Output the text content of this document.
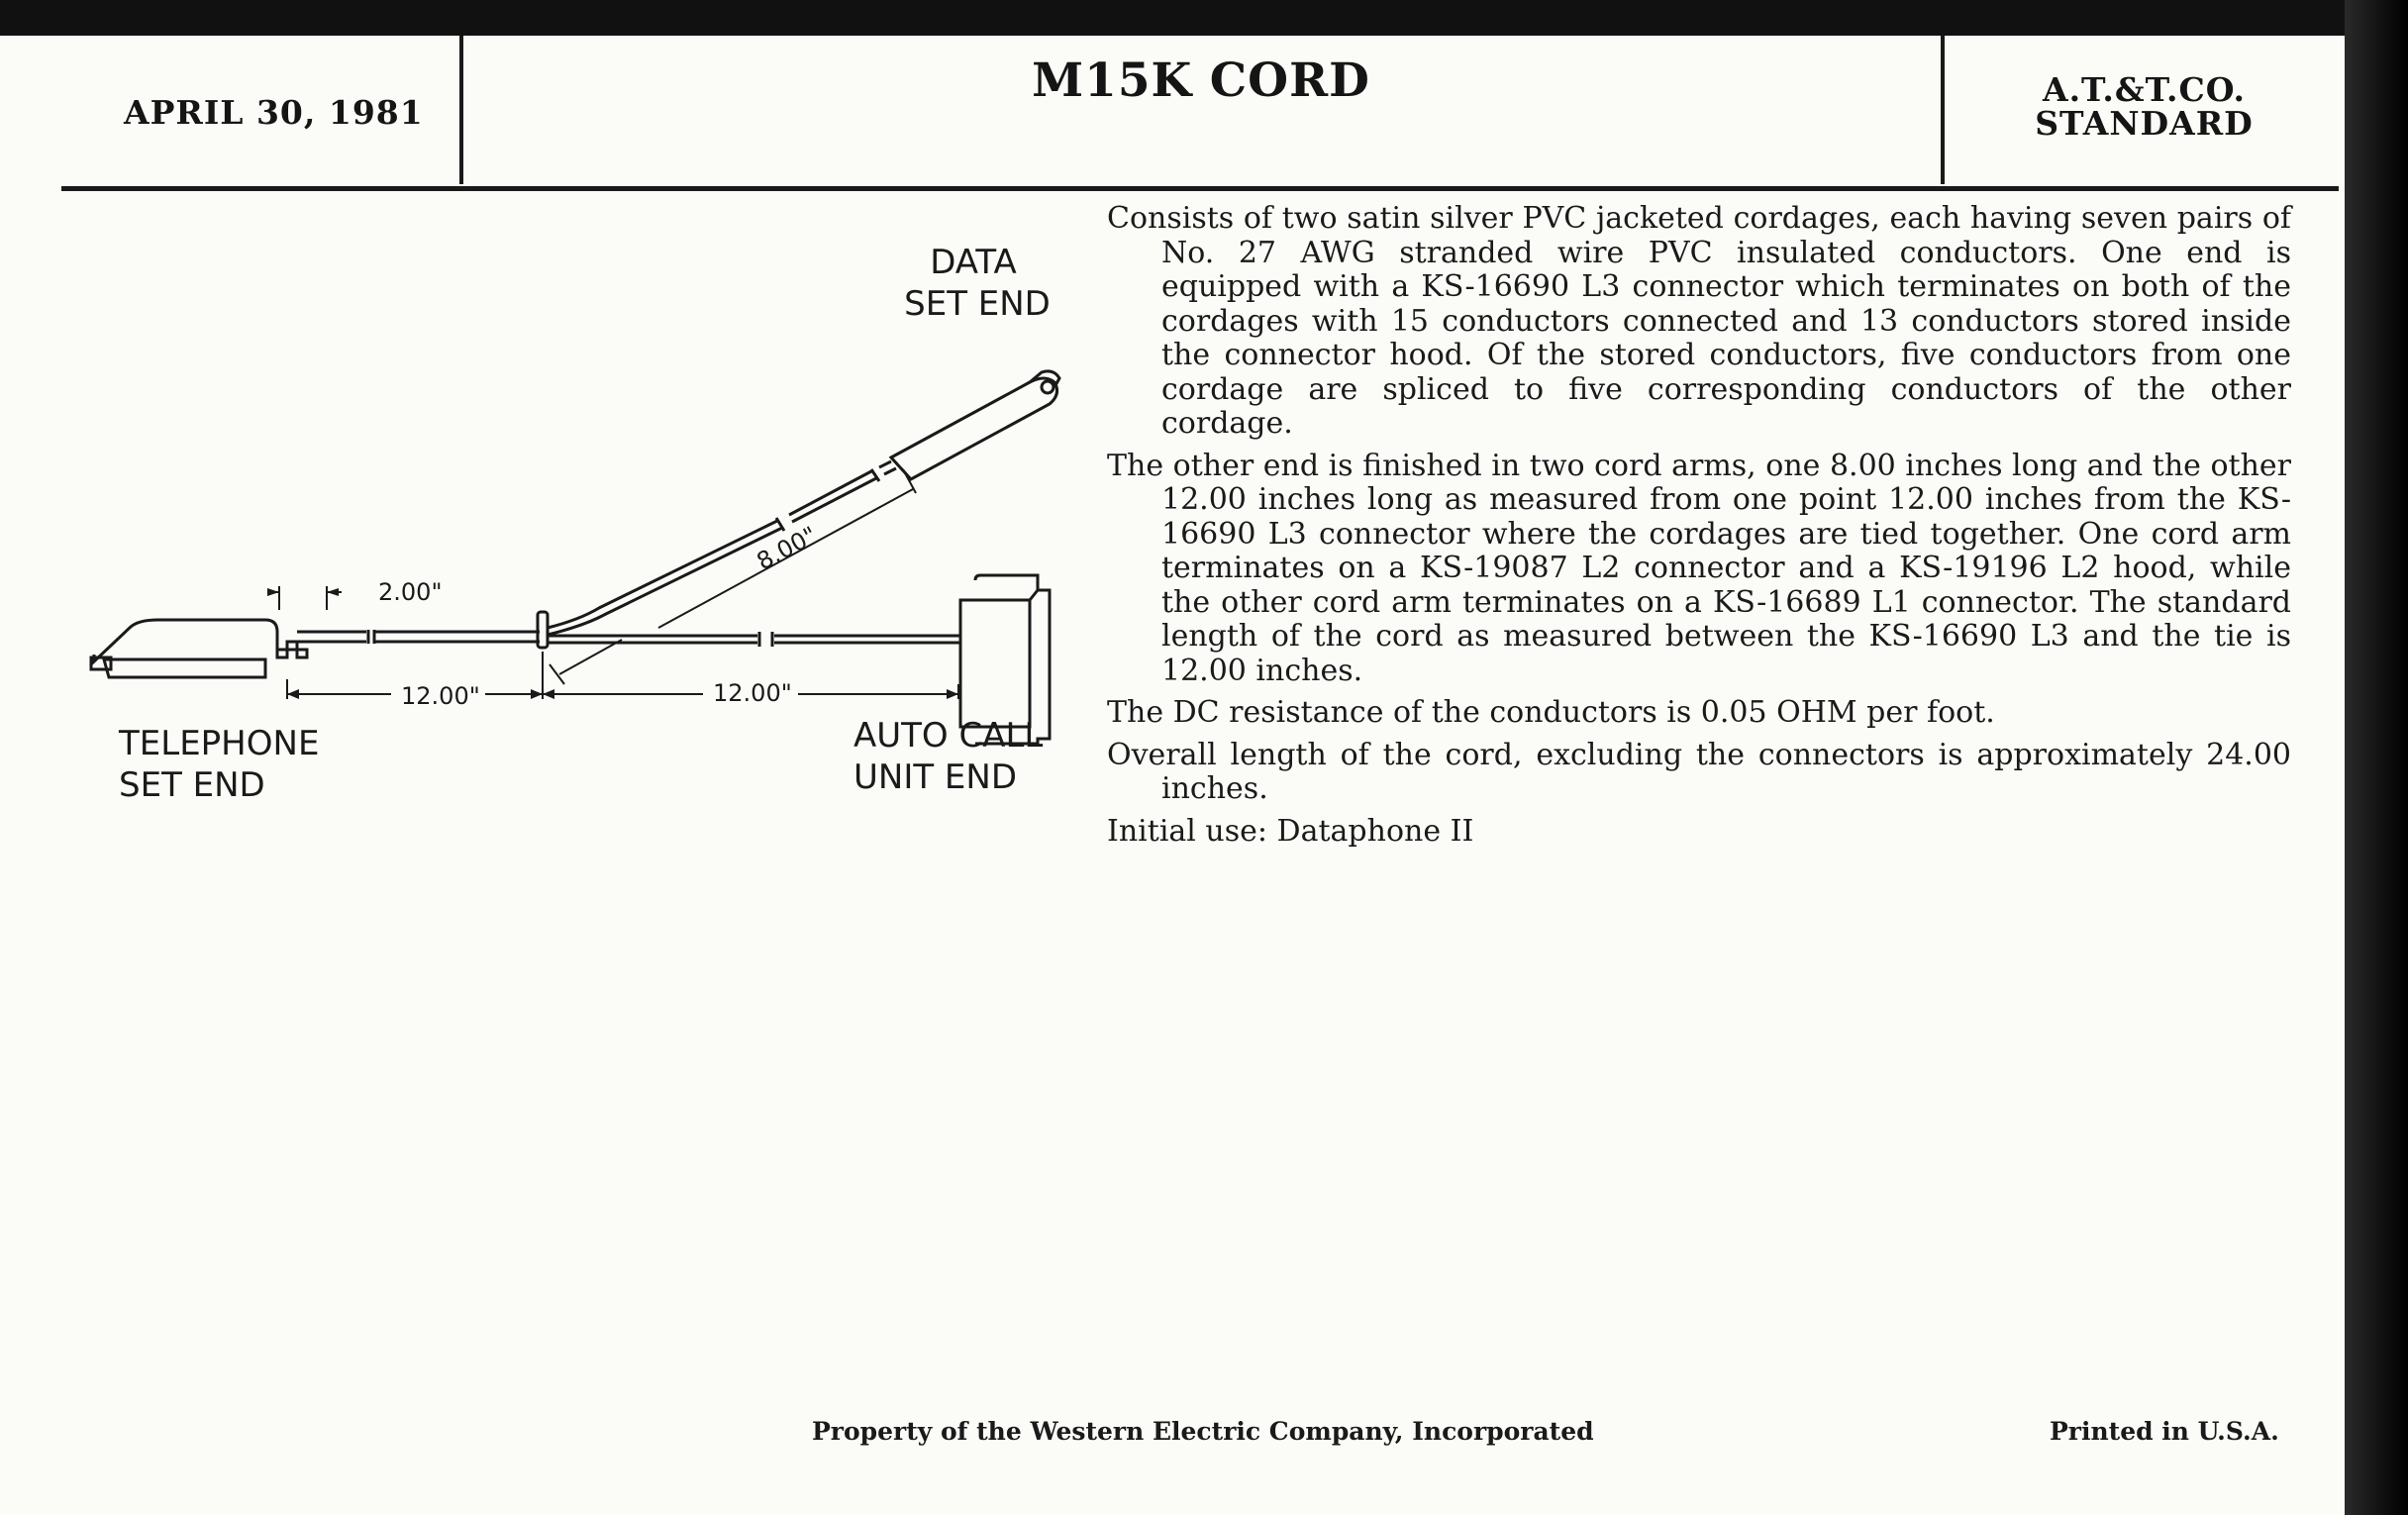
APRIL 30, 1981
M15K CORD	A.T.&T.CO.
STANDARD
DATA
SET END
TELEPHONE
SET END
AUTO CALL
UNIT END
2.00"
12.00"	12.00"
8.00"

Consists of two satin silver PVC jacketed cordages, each having seven pairs of No. 27 AWG stranded wire PVC insulated conductors. One end is equipped with a KS-16690 L3 connector which terminates on both of the cordages with 15 conductors connected and 13 conductors stored inside the connector hood. Of the stored conductors, five conductors from one cordage are spliced to five corresponding conductors of the other cordage.

The other end is finished in two cord arms, one 8.00 inches long and the other 12.00 inches long as measured from one point 12.00 inches from the KS-16690 L3 connector where the cordages are tied together. One cord arm terminates on a KS-19087 L2 connector and a KS-19196 L2 hood, while the other cord arm terminates on a KS-16689 L1 connector. The standard length of the cord as measured between the KS-16690 L3 and the tie is 12.00 inches.

The DC resistance of the conductors is 0.05 OHM per foot.

Overall length of the cord, excluding the connectors is approximately 24.00 inches.

Initial use: Dataphone II

Property of the Western Electric Company, Incorporated	Printed in U.S.A.
